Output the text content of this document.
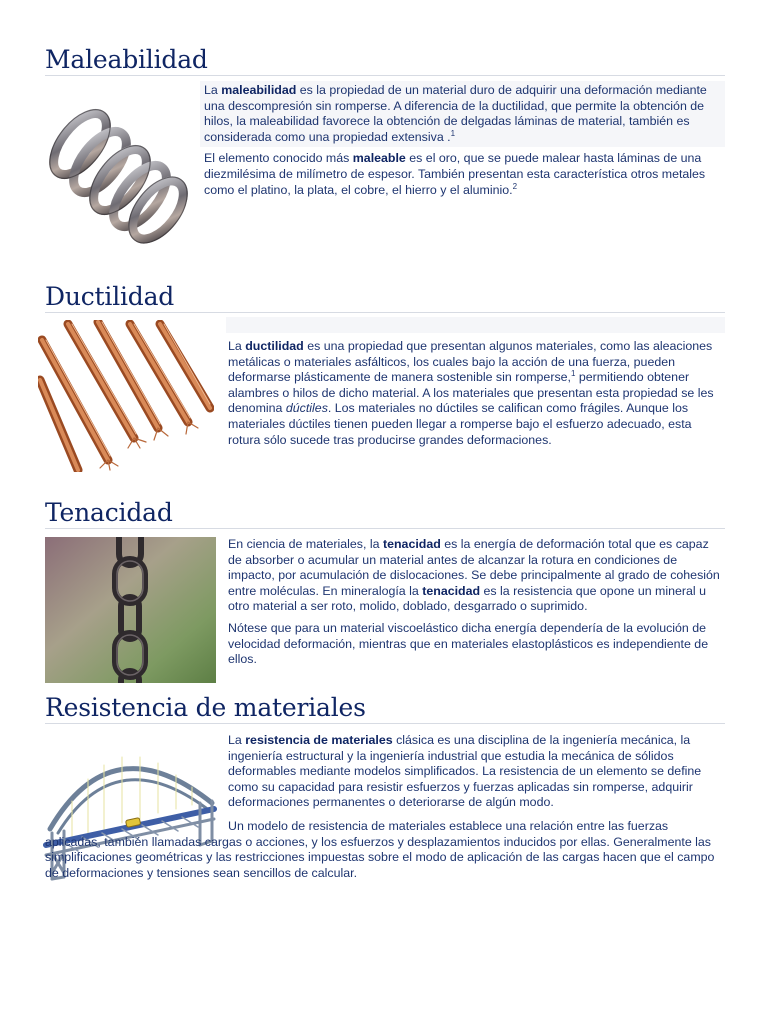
Maleabilidad

La maleabilidad es la propiedad de un material duro de adquirir una deformación mediante una descompresión sin romperse. A diferencia de la ductilidad, que permite la obtención de hilos, la maleabilidad favorece la obtención de delgadas láminas de material, también es considerada como una propiedad extensiva .$^1$

El elemento conocido más maleable es el oro, que se puede malear hasta láminas de una diezmilésima de milímetro de espesor. También presentan esta característica otros metales como el platino, la plata, el cobre, el hierro y el aluminio.$^2$

Ductilidad

La ductilidad es una propiedad que presentan algunos materiales, como las aleaciones metálicas o materiales asfálticos, los cuales bajo la acción de una fuerza, pueden deformarse plásticamente de manera sostenible sin romperse,$^1$ permitiendo obtener alambres o hilos de dicho material. A los materiales que presentan esta propiedad se les denomina dúctiles. Los materiales no dúctiles se califican como frágiles. Aunque los materiales dúctiles tienen pueden llegar a romperse bajo el esfuerzo adecuado, esta rotura sólo sucede tras producirse grandes deformaciones.

Tenacidad

En ciencia de materiales, la tenacidad es la energía de deformación total que es capaz de absorber o acumular un material antes de alcanzar la rotura en condiciones de impacto, por acumulación de dislocaciones. Se debe principalmente al grado de cohesión entre moléculas. En mineralogía la tenacidad es la resistencia que opone un mineral u otro material a ser roto, molido, doblado, desgarrado o suprimido.

Nótese que para un material viscoelástico dicha energía dependería de la evolución de velocidad deformación, mientras que en materiales elastoplásticos es independiente de ellos.

Resistencia de materiales

La resistencia de materiales clásica es una disciplina de la ingeniería mecánica, la ingeniería estructural y la ingeniería industrial que estudia la mecánica de sólidos deformables mediante modelos simplificados. La resistencia de un elemento se define como su capacidad para resistir esfuerzos y fuerzas aplicadas sin romperse, adquirir deformaciones permanentes o deteriorarse de algún modo.

Un modelo de resistencia de materiales establece una relación entre las fuerzas aplicadas, también llamadas cargas o acciones, y los esfuerzos y desplazamientos inducidos por ellas. Generalmente las simplificaciones geométricas y las restricciones impuestas sobre el modo de aplicación de las cargas hacen que el campo de deformaciones y tensiones sean sencillos de calcular.
